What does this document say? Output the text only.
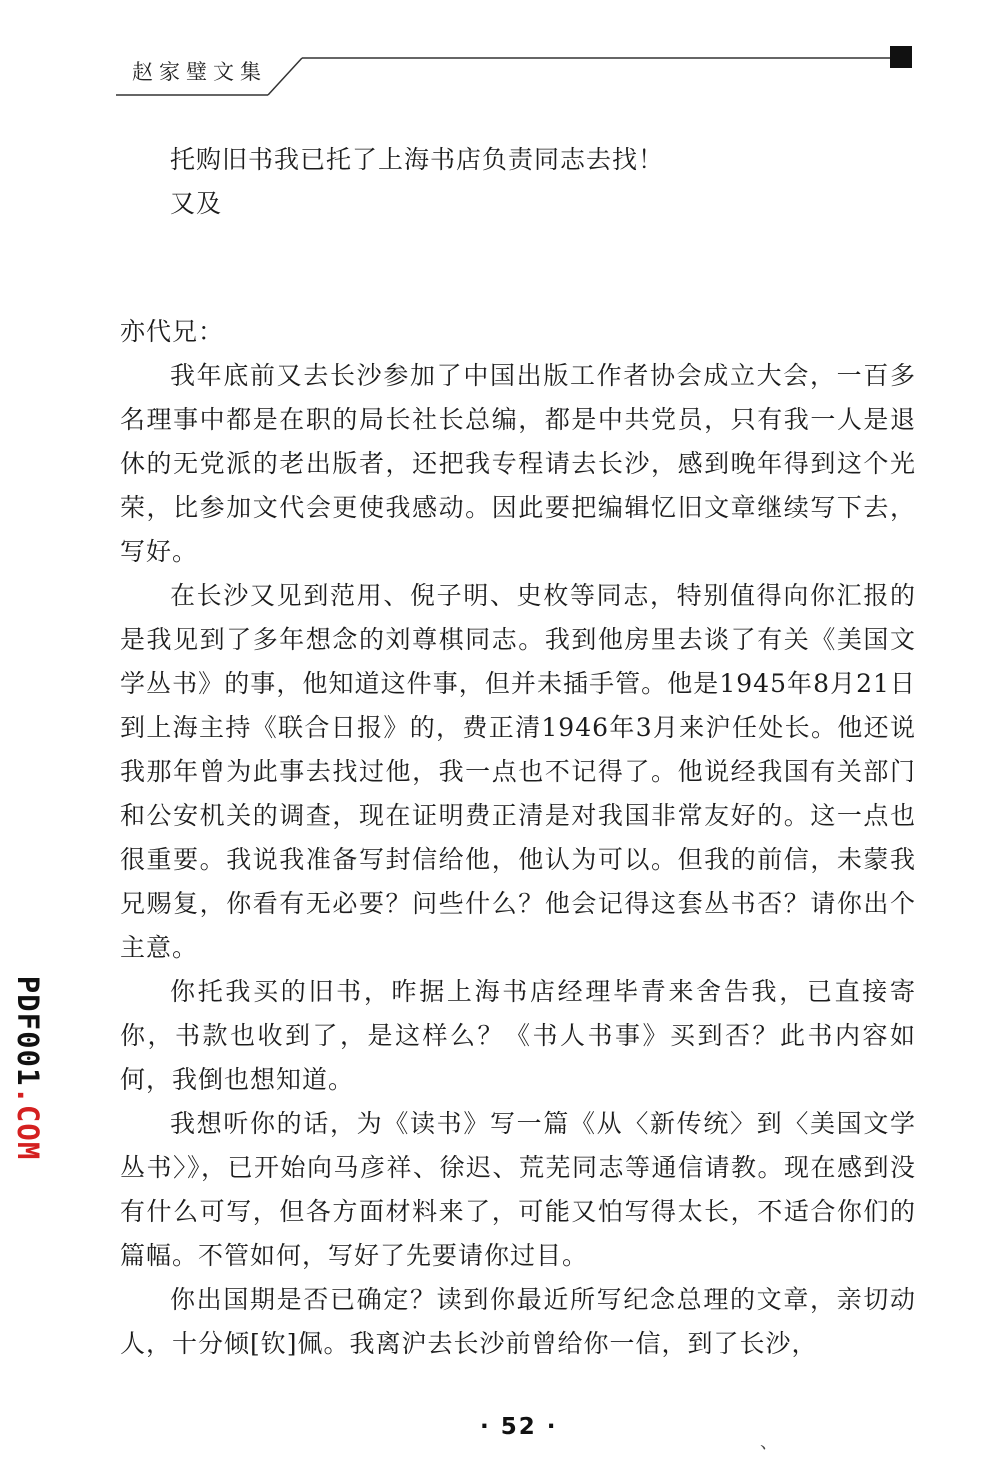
赵家璧文集

托购旧书我已托了上海书店负责同志去找！

又及

亦代兄：

我年底前又去长沙参加了中国出版工作者协会成立大会，一百多名理事中都是在职的局长社长总编，都是中共党员，只有我一人是退休的无党派的老出版者，还把我专程请去长沙，感到晚年得到这个光荣，比参加文代会更使我感动。因此要把编辑忆旧文章继续写下去，写好。

在长沙又见到范用、倪子明、史枚等同志，特别值得向你汇报的是我见到了多年想念的刘尊棋同志。我到他房里去谈了有关《美国文学丛书》的事，他知道这件事，但并未插手管。他是1945年8月21日到上海主持《联合日报》的，费正清1946年3月来沪任处长。他还说我那年曾为此事去找过他，我一点也不记得了。他说经我国有关部门和公安机关的调查，现在证明费正清是对我国非常友好的。这一点也很重要。我说我准备写封信给他，他认为可以。但我的前信，未蒙我兄赐复，你看有无必要？问些什么？他会记得这套丛书否？请你出个主意。

你托我买的旧书，昨据上海书店经理毕青来舍告我，已直接寄你，书款也收到了，是这样么？《书人书事》买到否？此书内容如何，我倒也想知道。

我想听你的话，为《读书》写一篇《从〈新传统〉到〈美国文学丛书〉》，已开始向马彦祥、徐迟、荒芜同志等通信请教。现在感到没有什么可写，但各方面材料来了，可能又怕写得太长，不适合你们的篇幅。不管如何，写好了先要请你过目。

你出国期是否已确定？读到你最近所写纪念总理的文章，亲切动人，十分倾[钦]佩。我离沪去长沙前曾给你一信，到了长沙，

PDF001.COM
· 52 ·
、
